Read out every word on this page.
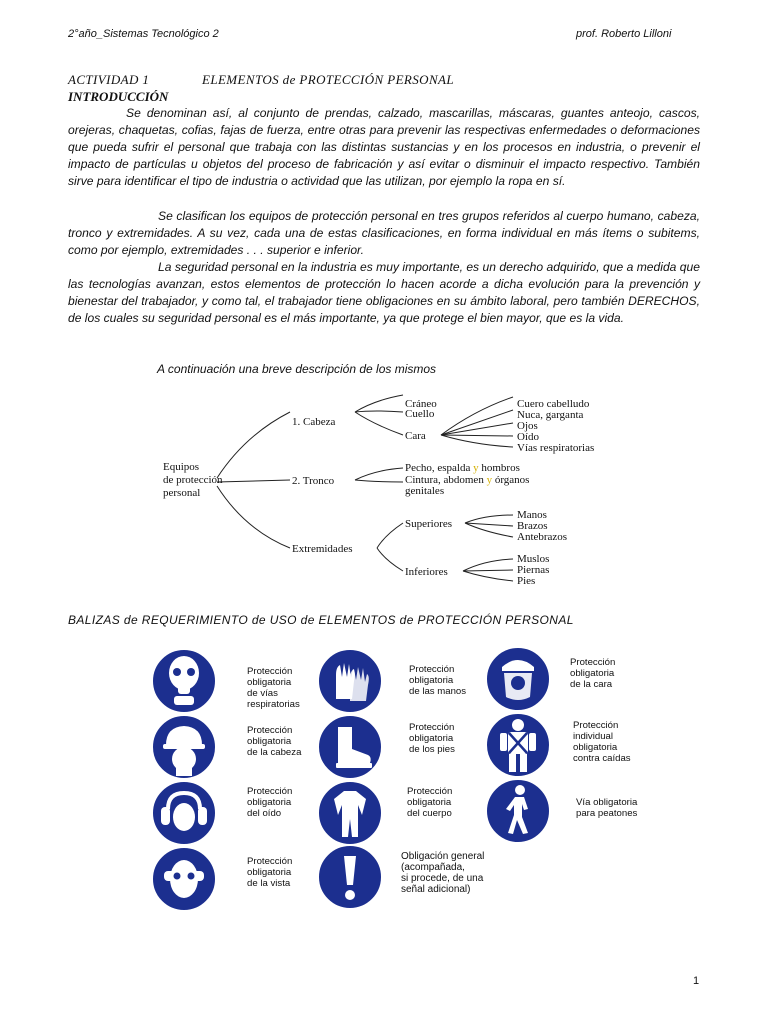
2°año_Sistemas Tecnológico 2	prof. Roberto Lilloni
ACTIVIDAD 1	ELEMENTOS de PROTECCIÓN PERSONAL
INTRODUCCIÓN

Se denominan así, al conjunto de prendas, calzado, mascarillas, máscaras, guantes anteojo, cascos, orejeras, chaquetas, cofias, fajas de fuerza, entre otras para prevenir las respectivas enfermedades o deformaciones que pueda sufrir el personal que trabaja con las distintas sustancias y en los procesos en industria, o prevenir el impacto de partículas u objetos del proceso de fabricación y así evitar o disminuir el impacto respectivo. También sirve para identificar el tipo de industria o actividad que las utilizan, por ejemplo la ropa en sí.

Se clasifican los equipos de protección personal en tres grupos referidos al cuerpo humano, cabeza, tronco y extremidades. A su vez, cada una de estas clasificaciones, en forma individual en más ítems o subitems, como por ejemplo, extremidades . . . superior e inferior.

La seguridad personal en la industria es muy importante, es un derecho adquirido, que a medida que las tecnologías avanzan, estos elementos de protección lo hacen acorde a dicha evolución para la prevención y bienestar del trabajador, y como tal, el trabajador tiene obligaciones en su ámbito laboral, pero también DERECHOS, de los cuales su seguridad personal es el más importante, ya que protege el bien mayor, que es la vida.

A continuación una breve descripción de los mismos
Equipos
de protección
personal
1. Cabeza
Cráneo
Cuello
Cara
Cuero cabelludo
Nuca, garganta
Ojos
Oído
Vías respiratorias
2. Tronco
Pecho, espalda y hombros
Cintura, abdomen y órganos
genitales
Extremidades
Superiores
Manos
Brazos
Antebrazos
Inferiores
Muslos
Piernas
Pies
BALIZAS de REQUERIMIENTO de USO de ELEMENTOS de PROTECCIÓN PERSONAL
Protección
obligatoria
de vías
respiratorias
Protección
obligatoria
de las manos
Protección
obligatoria
de la cara
Protección
obligatoria
de la cabeza
Protección
obligatoria
de los pies
Protección
individual
obligatoria
contra caídas
Protección
obligatoria
del oído
Protección
obligatoria
del cuerpo
Vía obligatoria
para peatones
Protección
obligatoria
de la vista
Obligación general
(acompañada,
si procede, de una
señal adicional)
1
